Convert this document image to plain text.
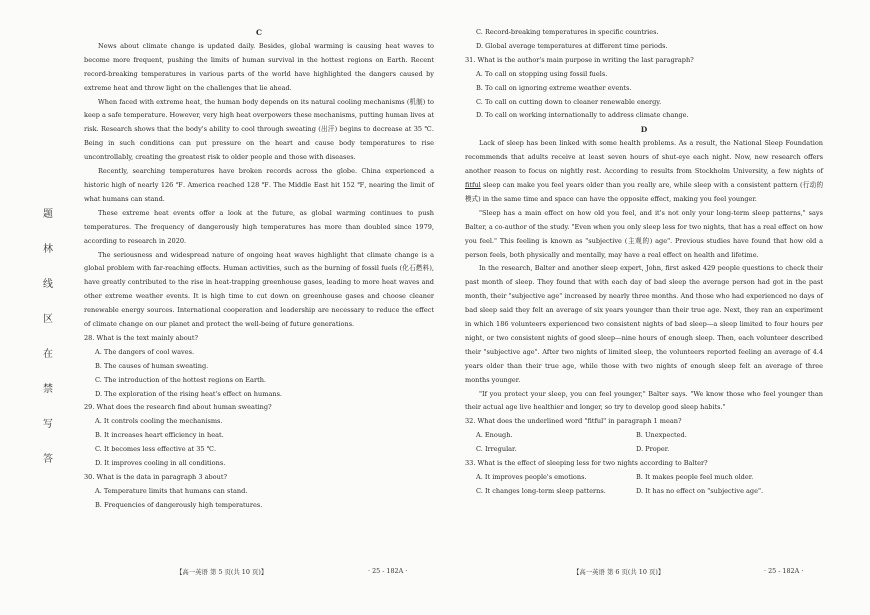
题
林
线
区
在
禁
写
答

C

News about climate change is updated daily. Besides, global warming is causing heat waves to become more frequent, pushing the limits of human survival in the hottest regions on Earth. Recent record-breaking temperatures in various parts of the world have highlighted the dangers caused by extreme heat and throw light on the challenges that lie ahead.

When faced with extreme heat, the human body depends on its natural cooling mechanisms (机制) to keep a safe temperature. However, very high heat overpowers these mechanisms, putting human lives at risk. Research shows that the body's ability to cool through sweating (出汗) begins to decrease at 35 ℃. Being in such conditions can put pressure on the heart and cause body temperatures to rise uncontrollably, creating the greatest risk to older people and those with diseases.

Recently, searching temperatures have broken records across the globe. China experienced a historic high of nearly 126 ℉. America reached 128 ℉. The Middle East hit 152 ℉, nearing the limit of what humans can stand.

These extreme heat events offer a look at the future, as global warming continues to push temperatures. The frequency of dangerously high temperatures has more than doubled since 1979, according to research in 2020.

The seriousness and widespread nature of ongoing heat waves highlight that climate change is a global problem with far-reaching effects. Human activities, such as the burning of fossil fuels (化石燃料), have greatly contributed to the rise in heat-trapping greenhouse gases, leading to more heat waves and other extreme weather events. It is high time to cut down on greenhouse gases and choose cleaner renewable energy sources. International cooperation and leadership are necessary to reduce the effect of climate change on our planet and protect the well-being of future generations.

28. What is the text mainly about?

A. The dangers of cool waves.

B. The causes of human sweating.

C. The introduction of the hottest regions on Earth.

D. The exploration of the rising heat's effect on humans.

29. What does the research find about human sweating?

A. It controls cooling the mechanisms.

B. It increases heart efficiency in heat.

C. It becomes less effective at 35 ℃.

D. It improves cooling in all conditions.

30. What is the data in paragraph 3 about?

A. Temperature limits that humans can stand.

B. Frequencies of dangerously high temperatures.

【高一英语 第 5 页(共 10 页)】	· 25 - 182A ·

C. Record-breaking temperatures in specific countries.

D. Global average temperatures at different time periods.

31. What is the author's main purpose in writing the last paragraph?

A. To call on stopping using fossil fuels.

B. To call on ignoring extreme weather events.

C. To call on cutting down to cleaner renewable energy.

D. To call on working internationally to address climate change.

D

Lack of sleep has been linked with some health problems. As a result, the National Sleep Foundation recommends that adults receive at least seven hours of shut-eye each night. Now, new research offers another reason to focus on nightly rest. According to results from Stockholm University, a few nights of fitful sleep can make you feel years older than you really are, while sleep with a consistent pattern (行动的模式) in the same time and space can have the opposite effect, making you feel younger.

"Sleep has a main effect on how old you feel, and it's not only your long-term sleep patterns," says Balter, a co-author of the study. "Even when you only sleep less for two nights, that has a real effect on how you feel." This feeling is known as "subjective (主观的) age". Previous studies have found that how old a person feels, both physically and mentally, may have a real effect on health and lifetime.

In the research, Balter and another sleep expert, John, first asked 429 people questions to check their past month of sleep. They found that with each day of bad sleep the average person had got in the past month, their "subjective age" increased by nearly three months. And those who had experienced no days of bad sleep said they felt an average of six years younger than their true age. Next, they ran an experiment in which 186 volunteers experienced two consistent nights of bad sleep—a sleep limited to four hours per night, or two consistent nights of good sleep—nine hours of enough sleep. Then, each volunteer described their "subjective age". After two nights of limited sleep, the volunteers reported feeling an average of 4.4 years older than their true age, while those with two nights of enough sleep felt an average of three months younger.

"If you protect your sleep, you can feel younger," Balter says. "We know those who feel younger than their actual age live healthier and longer, so try to develop good sleep habits."

32. What does the underlined word "fitful" in paragraph 1 mean?

A. Enough.	B. Unexpected.
C. Irregular.	D. Proper.

33. What is the effect of sleeping less for two nights according to Balter?

A. It improves people's emotions.	B. It makes people feel much older.
C. It changes long-term sleep patterns.	D. It has no effect on "subjective age".
【高一英语 第 6 页(共 10 页)】	· 25 - 182A ·
